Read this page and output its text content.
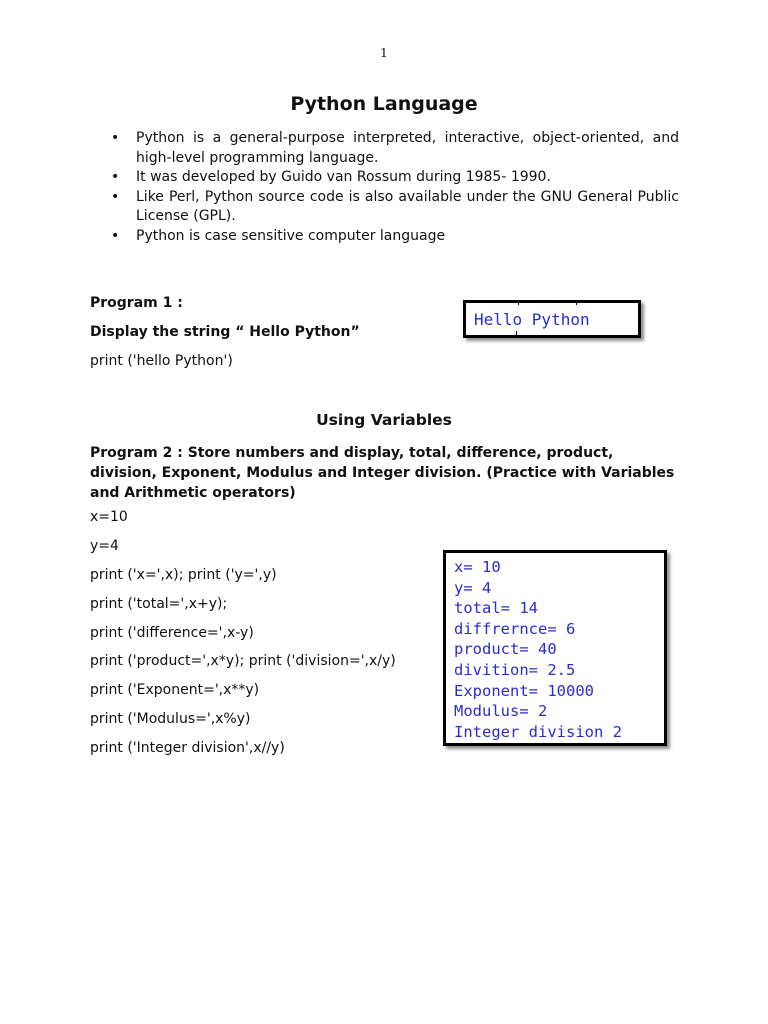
1
Python Language
• Python is a general-purpose interpreted, interactive, object-oriented, and high-level programming language.
• It was developed by Guido van Rossum during 1985- 1990.
• Like Perl, Python source code is also available under the GNU General Public License (GPL).
• Python is case sensitive computer language

Program 1 :

Display the string “ Hello Python”

print ('hello Python')

Hello Python
Using Variables

Program 2 : Store numbers and display, total, difference, product, division, Exponent, Modulus and Integer division. (Practice with Variables and Arithmetic operators)

x=10

y=4

print ('x=',x); print ('y=',y)

print ('total=',x+y);

print ('difference=',x-y)

print ('product=',x*y); print ('division=',x/y)

print ('Exponent=',x**y)

print ('Modulus=',x%y)

print ('Integer division',x//y)

x= 10
y= 4
total= 14
diffrernce= 6
product= 40
divition= 2.5
Exponent= 10000
Modulus= 2
Integer division 2
